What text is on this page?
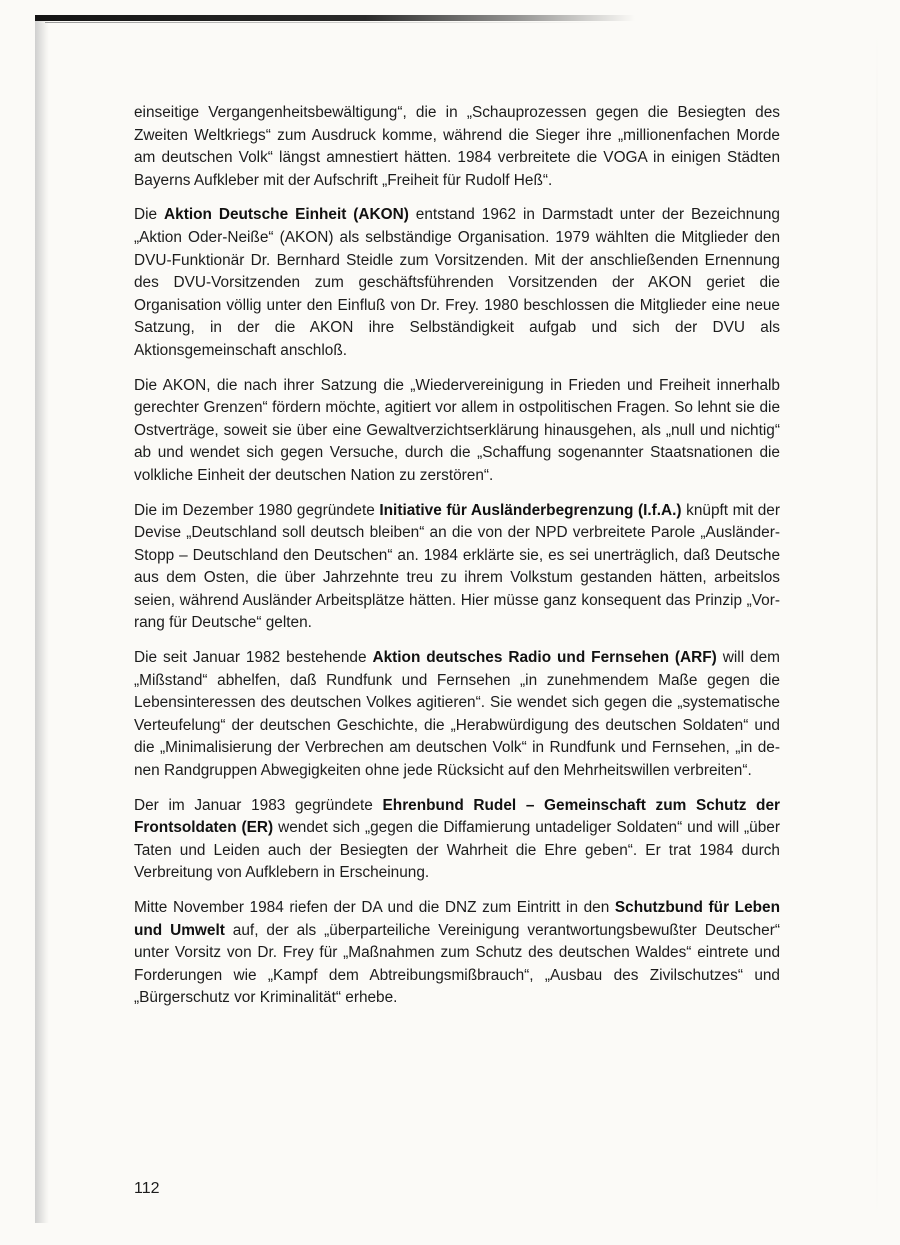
einseitige Vergangenheitsbewältigung“, die in „Schauprozessen gegen die Besiegten des Zweiten Weltkriegs“ zum Ausdruck komme, während die Sieger ihre „millionenfachen Morde am deutschen Volk“ längst amnestiert hätten. 1984 verbreitete die VOGA in einigen Städten Bayerns Aufkleber mit der Aufschrift „Freiheit für Rudolf Heß“.

Die Aktion Deutsche Einheit (AKON) entstand 1962 in Darmstadt unter der Bezeichnung „Aktion Oder-Neiße“ (AKON) als selbständige Organisation. 1979 wählten die Mitglieder den DVU-Funktionär Dr. Bernhard Steidle zum Vorsitzenden. Mit der anschließenden Ernennung des DVU-Vorsitzenden zum geschäftsführenden Vorsitzenden der AKON geriet die Organisation völlig unter den Einfluß von Dr. Frey. 1980 beschlossen die Mitglieder eine neue Satzung, in der die AKON ihre Selbständigkeit aufgab und sich der DVU als Aktionsgemeinschaft anschloß.

Die AKON, die nach ihrer Satzung die „Wiedervereinigung in Frieden und Freiheit innerhalb gerechter Grenzen“ fördern möchte, agitiert vor allem in ostpolitischen Fragen. So lehnt sie die Ostverträge, soweit sie über eine Gewaltverzichtserklärung hinausgehen, als „null und nichtig“ ab und wendet sich gegen Versuche, durch die „Schaffung sogenannter Staatsnationen die volkliche Einheit der deutschen Nation zu zerstören“.

Die im Dezember 1980 gegründete Initiative für Ausländerbegrenzung (I.f.A.) knüpft mit der Devise „Deutschland soll deutsch bleiben“ an die von der NPD verbreitete Parole „Ausländer-Stopp – Deutschland den Deutschen“ an. 1984 erklärte sie, es sei unerträglich, daß Deutsche aus dem Osten, die über Jahrzehnte treu zu ihrem Volkstum gestanden hätten, arbeitslos seien, während Ausländer Arbeitsplätze hätten. Hier müsse ganz konsequent das Prinzip „Vorrang für Deutsche“ gelten.

Die seit Januar 1982 bestehende Aktion deutsches Radio und Fernsehen (ARF) will dem „Mißstand“ abhelfen, daß Rundfunk und Fernsehen „in zunehmendem Maße gegen die Lebensinteressen des deutschen Volkes agitieren“. Sie wendet sich gegen die „systematische Verteufelung“ der deutschen Geschichte, die „Herabwürdigung des deutschen Soldaten“ und die „Minimalisierung der Verbrechen am deutschen Volk“ in Rundfunk und Fernsehen, „in denen Randgruppen Abwegigkeiten ohne jede Rücksicht auf den Mehrheitswillen verbreiten“.

Der im Januar 1983 gegründete Ehrenbund Rudel – Gemeinschaft zum Schutz der Frontsoldaten (ER) wendet sich „gegen die Diffamierung untadeliger Soldaten“ und will „über Taten und Leiden auch der Besiegten der Wahrheit die Ehre geben“. Er trat 1984 durch Verbreitung von Aufklebern in Erscheinung.

Mitte November 1984 riefen der DA und die DNZ zum Eintritt in den Schutzbund für Leben und Umwelt auf, der als „überparteiliche Vereinigung verantwortungsbewußter Deutscher“ unter Vorsitz von Dr. Frey für „Maßnahmen zum Schutz des deutschen Waldes“ eintrete und Forderungen wie „Kampf dem Abtreibungsmißbrauch“, „Ausbau des Zivilschutzes“ und „Bürgerschutz vor Kriminalität“ erhebe.

112
